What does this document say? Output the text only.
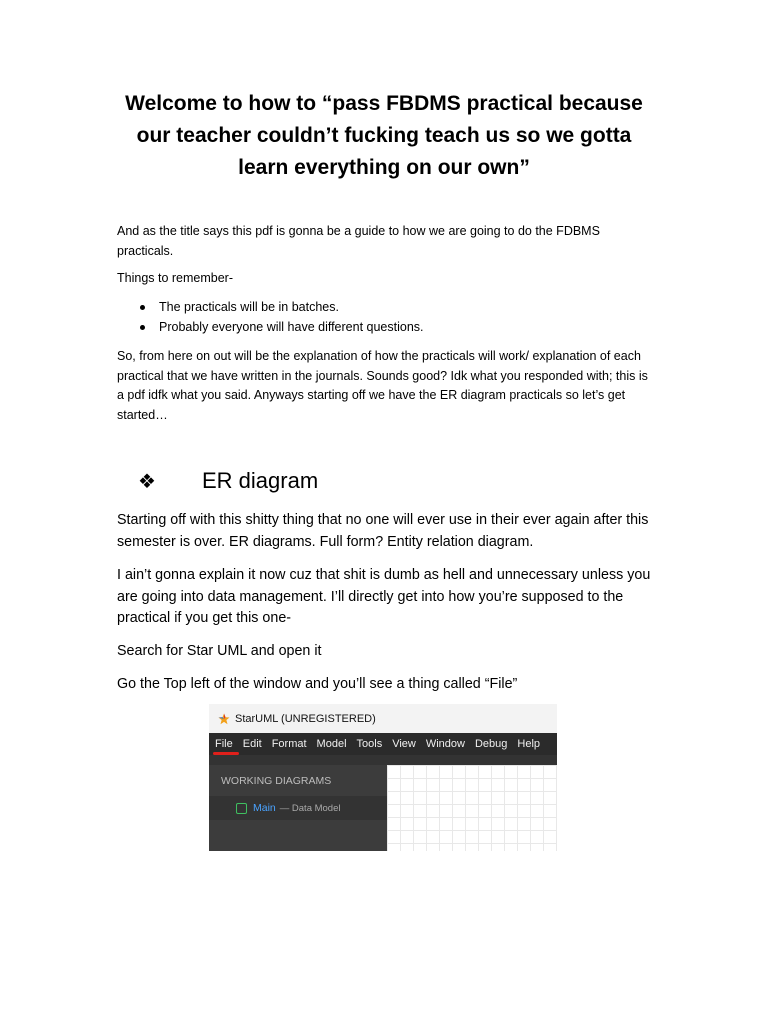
Welcome to how to “pass FBDMS practical because our teacher couldn’t fucking teach us so we gotta learn everything on our own”

And as the title says this pdf is gonna be a guide to how we are going to do the FDBMS practicals.

Things to remember-

The practicals will be in batches.
Probably everyone will have different questions.

So, from here on out will be the explanation of how the practicals will work/ explanation of each practical that we have written in the journals. Sounds good? Idk what you responded with; this is a pdf idfk what you said. Anyways starting off we have the ER diagram practicals so let’s get started…

❖	ER diagram

Starting off with this shitty thing that no one will ever use in their ever again after this semester is over. ER diagrams. Full form? Entity relation diagram.

I ain’t gonna explain it now cuz that shit is dumb as hell and unnecessary unless you are going into data management. I’ll directly get into how you’re supposed to the practical if you get this one-

Search for Star UML and open it

Go the Top left of the window and you’ll see a thing called “File”

StarUML (UNREGISTERED)
File Edit Format Model Tools View Window Debug Help
WORKING DIAGRAMS
Main — Data Model
